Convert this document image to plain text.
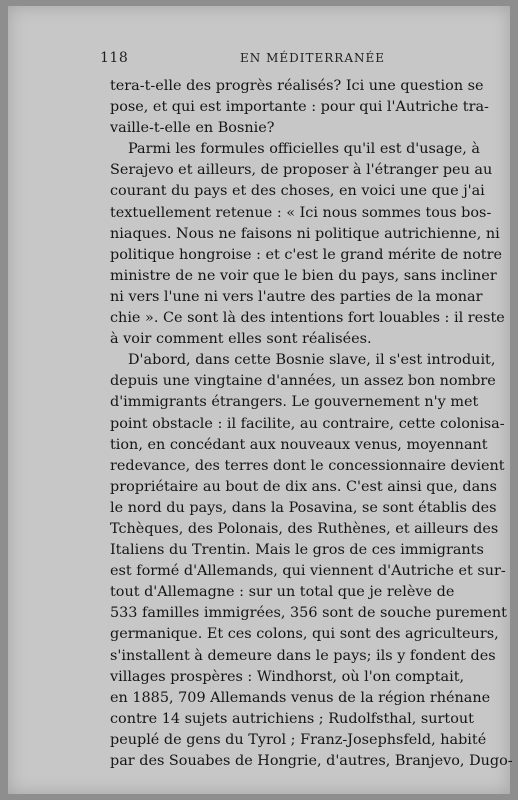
118	EN MÉDITERRANÉE
tera-t-elle des progrès réalisés? Ici une question se
pose, et qui est importante : pour qui l'Autriche tra-
vaille-t-elle en Bosnie?
Parmi les formules officielles qu'il est d'usage, à
Serajevo et ailleurs, de proposer à l'étranger peu au
courant du pays et des choses, en voici une que j'ai
textuellement retenue : « Ici nous sommes tous bos-
niaques. Nous ne faisons ni politique autrichienne, ni
politique hongroise : et c'est le grand mérite de notre
ministre de ne voir que le bien du pays, sans incliner
ni vers l'une ni vers l'autre des parties de la monar
chie ». Ce sont là des intentions fort louables : il reste
à voir comment elles sont réalisées.
D'abord, dans cette Bosnie slave, il s'est introduit,
depuis une vingtaine d'années, un assez bon nombre
d'immigrants étrangers. Le gouvernement n'y met
point obstacle : il facilite, au contraire, cette colonisa-
tion, en concédant aux nouveaux venus, moyennant
redevance, des terres dont le concessionnaire devient
propriétaire au bout de dix ans. C'est ainsi que, dans
le nord du pays, dans la Posavina, se sont établis des
Tchèques, des Polonais, des Ruthènes, et ailleurs des
Italiens du Trentin. Mais le gros de ces immigrants
est formé d'Allemands, qui viennent d'Autriche et sur-
tout d'Allemagne : sur un total que je relève de
533 familles immigrées, 356 sont de souche purement
germanique. Et ces colons, qui sont des agriculteurs,
s'installent à demeure dans le pays; ils y fondent des
villages prospères : Windhorst, où l'on comptait,
en 1885, 709 Allemands venus de la région rhénane
contre 14 sujets autrichiens ; Rudolfsthal, surtout
peuplé de gens du Tyrol ; Franz-Josephsfeld, habité
par des Souabes de Hongrie, d'autres, Branjevo, Dugo-
